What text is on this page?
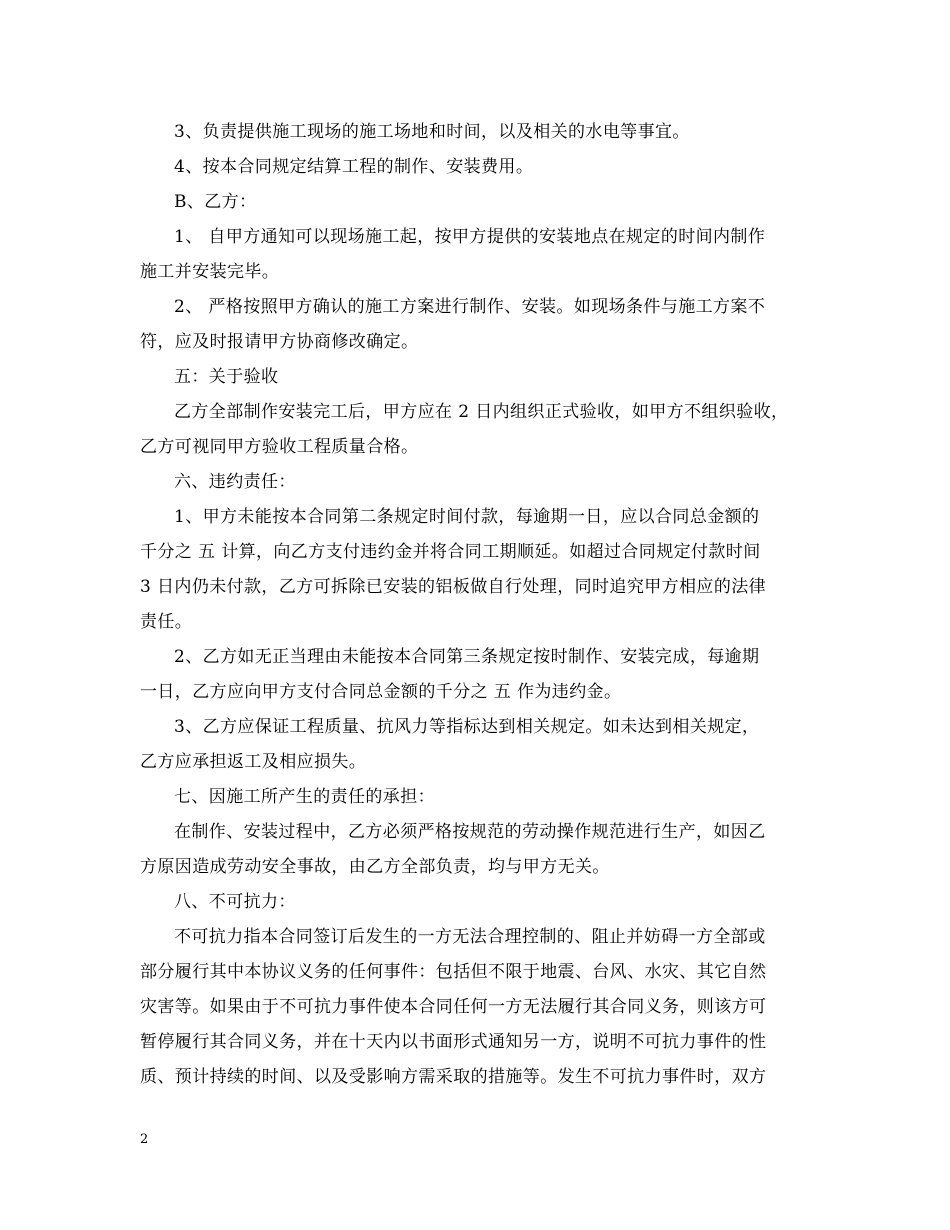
3、负责提供施工现场的施工场地和时间，以及相关的水电等事宜。
4、按本合同规定结算工程的制作、安装费用。
B、乙方：
1、 自甲方通知可以现场施工起，按甲方提供的安装地点在规定的时间内制作
施工并安装完毕。
2、 严格按照甲方确认的施工方案进行制作、安装。如现场条件与施工方案不
符，应及时报请甲方协商修改确定。
五：关于验收
乙方全部制作安装完工后，甲方应在 2 日内组织正式验收，如甲方不组织验收，
乙方可视同甲方验收工程质量合格。
六、违约责任：
1、甲方未能按本合同第二条规定时间付款，每逾期一日，应以合同总金额的
千分之 五 计算，向乙方支付违约金并将合同工期顺延。如超过合同规定付款时间
3 日内仍未付款，乙方可拆除已安装的铝板做自行处理，同时追究甲方相应的法律
责任。
2、乙方如无正当理由未能按本合同第三条规定按时制作、安装完成，每逾期
一日，乙方应向甲方支付合同总金额的千分之 五 作为违约金。
3、乙方应保证工程质量、抗风力等指标达到相关规定。如未达到相关规定，
乙方应承担返工及相应损失。
七、因施工所产生的责任的承担：
在制作、安装过程中，乙方必须严格按规范的劳动操作规范进行生产，如因乙
方原因造成劳动安全事故，由乙方全部负责，均与甲方无关。
八、不可抗力：
不可抗力指本合同签订后发生的一方无法合理控制的、阻止并妨碍一方全部或
部分履行其中本协议义务的任何事件：包括但不限于地震、台风、水灾、其它自然
灾害等。如果由于不可抗力事件使本合同任何一方无法履行其合同义务，则该方可
暂停履行其合同义务，并在十天内以书面形式通知另一方，说明不可抗力事件的性
质、预计持续的时间、以及受影响方需采取的措施等。发生不可抗力事件时，双方
2
